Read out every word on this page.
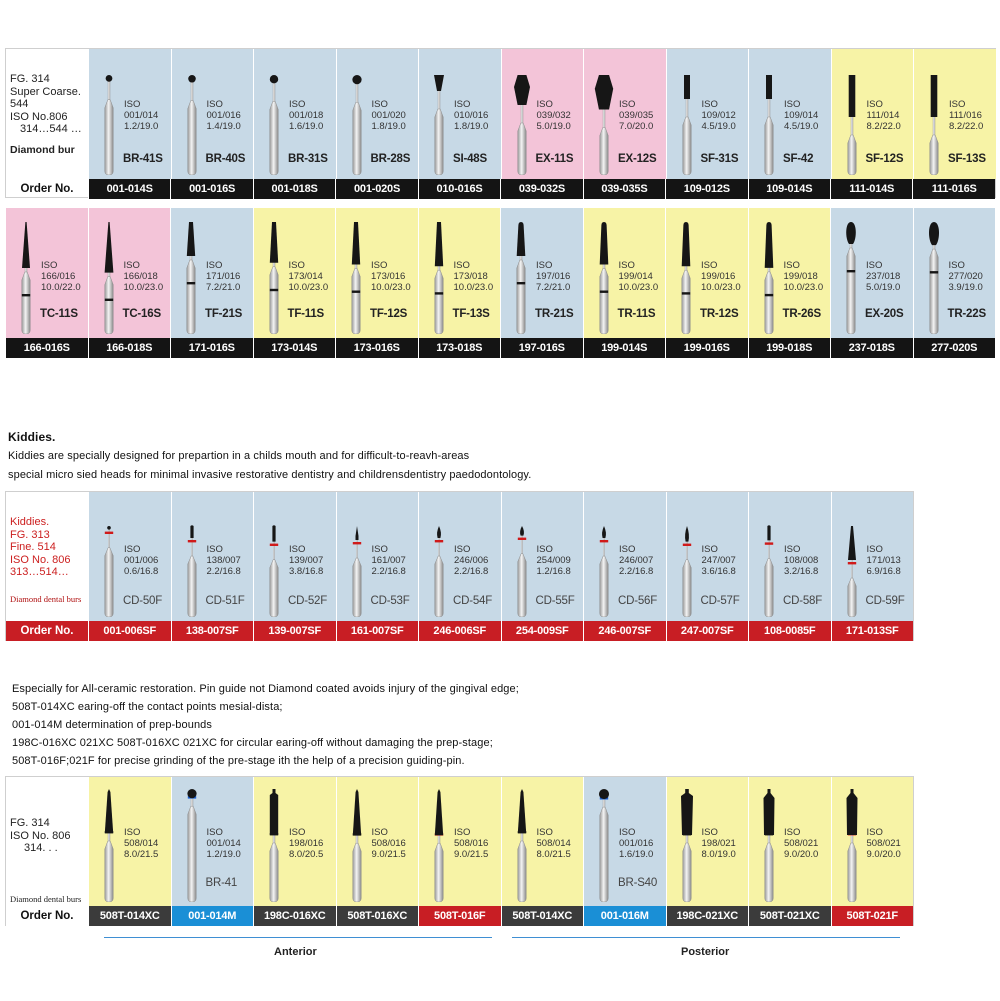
FG. 314
Super Coarse.
544
ISO No.806
314…544 …
Diamond bur
ISO
001/014
1.2/19.0
BR-41S
ISO
001/016
1.4/19.0
BR-40S
ISO
001/018
1.6/19.0
BR-31S
ISO
001/020
1.8/19.0
BR-28S
ISO
010/016
1.8/19.0
SI-48S
ISO
039/032
5.0/19.0
EX-11S
ISO
039/035
7.0/20.0
EX-12S
ISO
109/012
4.5/19.0
SF-31S
ISO
109/014
4.5/19.0
SF-42
ISO
111/014
8.2/22.0
SF-12S
ISO
111/016
8.2/22.0
SF-13S
Order No.	001-014S	001-016S	001-018S	001-020S	010-016S	039-032S	039-035S	109-012S	109-014S	111-014S	111-016S
ISO
166/016
10.0/22.0
TC-11S
ISO
166/018
10.0/23.0
TC-16S
ISO
171/016
7.2/21.0
TF-21S
ISO
173/014
10.0/23.0
TF-11S
ISO
173/016
10.0/23.0
TF-12S
ISO
173/018
10.0/23.0
TF-13S
ISO
197/016
7.2/21.0
TR-21S
ISO
199/014
10.0/23.0
TR-11S
ISO
199/016
10.0/23.0
TR-12S
ISO
199/018
10.0/23.0
TR-26S
ISO
237/018
5.0/19.0
EX-20S
ISO
277/020
3.9/19.0
TR-22S
166-016S	166-018S	171-016S	173-014S	173-016S	173-018S	197-016S	199-014S	199-016S	199-018S	237-018S	277-020S
Kiddies.
Kiddies are specially designed for prepartion in a childs mouth and for difficult-to-reavh-areas
special micro sied heads for minimal invasive restorative dentistry and childrensdentistry paedodontology.
Kiddies.
FG. 313
Fine. 514
ISO No. 806
313…514…
Diamond dental burs
ISO
001/006
0.6/16.8
CD-50F
ISO
138/007
2.2/16.8
CD-51F
ISO
139/007
3.8/16.8
CD-52F
ISO
161/007
2.2/16.8
CD-53F
ISO
246/006
2.2/16.8
CD-54F
ISO
254/009
1.2/16.8
CD-55F
ISO
246/007
2.2/16.8
CD-56F
ISO
247/007
3.6/16.8
CD-57F
ISO
108/008
3.2/16.8
CD-58F
ISO
171/013
6.9/16.8
CD-59F
Order No.	001-006SF	138-007SF	139-007SF	161-007SF	246-006SF	254-009SF	246-007SF	247-007SF	108-0085F	171-013SF
Especially for All-ceramic restoration. Pin guide not Diamond coated avoids injury of the gingival edge;
508T-014XC earing-off the contact points mesial-dista;
001-014M determination of prep-bounds
198C-016XC 021XC 508T-016XC 021XC for circular earing-off without damaging the prep-stage;
508T-016F;021F for precise grinding of the pre-stage ith the help of a precision guiding-pin.
FG. 314
ISO No. 806
314. . .
Diamond dental burs
ISO
508/014
8.0/21.5
ISO
001/014
1.2/19.0
BR-41
ISO
198/016
8.0/20.5
ISO
508/016
9.0/21.5
ISO
508/016
9.0/21.5
ISO
508/014
8.0/21.5
ISO
001/016
1.6/19.0
BR-S40
ISO
198/021
8.0/19.0
ISO
508/021
9.0/20.0
ISO
508/021
9.0/20.0
Order No.	508T-014XC	001-014M	198C-016XC	508T-016XC	508T-016F	508T-014XC	001-016M	198C-021XC	508T-021XC	508T-021F
Anterior	Posterior
